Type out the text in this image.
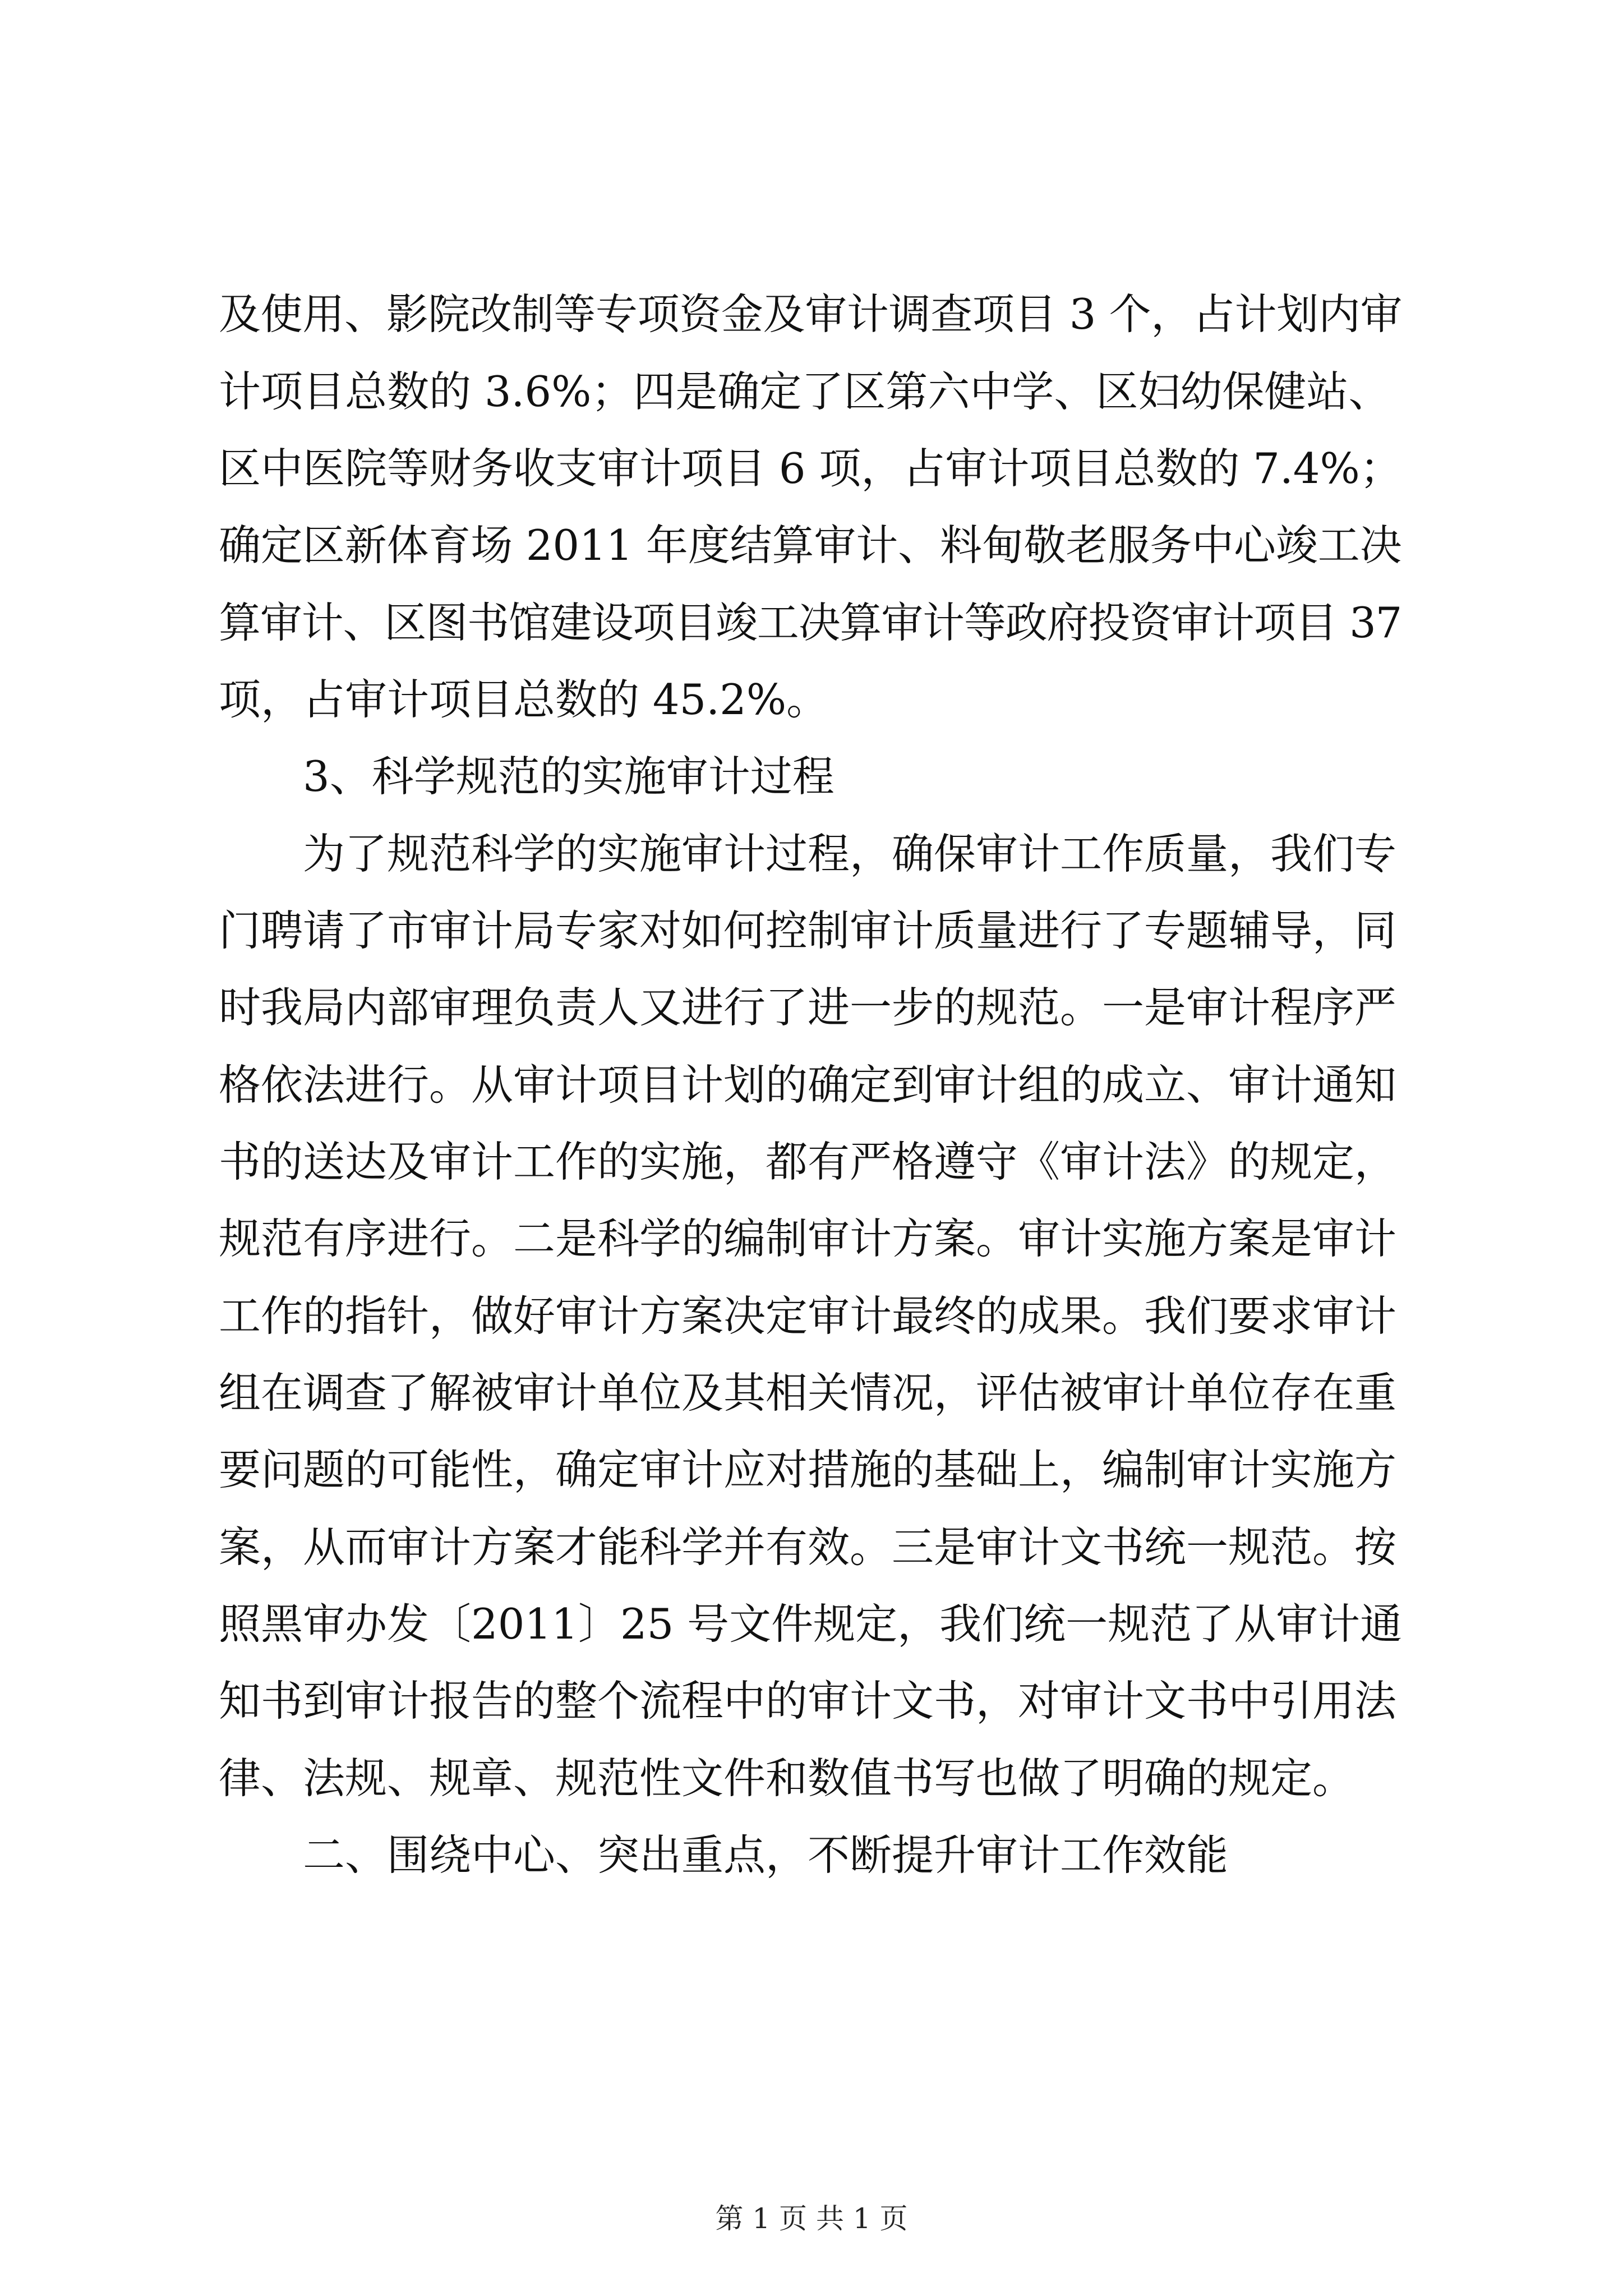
及使用、影院改制等专项资金及审计调查项目 3 个，占计划内审
计项目总数的 3.6%；四是确定了区第六中学、区妇幼保健站、
区中医院等财务收支审计项目 6 项，占审计项目总数的 7.4%；
确定区新体育场 2011 年度结算审计、料甸敬老服务中心竣工决
算审计、区图书馆建设项目竣工决算审计等政府投资审计项目 37
项，占审计项目总数的 45.2%。
3、科学规范的实施审计过程
为了规范科学的实施审计过程，确保审计工作质量，我们专
门聘请了市审计局专家对如何控制审计质量进行了专题辅导，同
时我局内部审理负责人又进行了进一步的规范。一是审计程序严
格依法进行。从审计项目计划的确定到审计组的成立、审计通知
书的送达及审计工作的实施，都有严格遵守《审计法》的规定，
规范有序进行。二是科学的编制审计方案。审计实施方案是审计
工作的指针，做好审计方案决定审计最终的成果。我们要求审计
组在调查了解被审计单位及其相关情况，评估被审计单位存在重
要问题的可能性，确定审计应对措施的基础上，编制审计实施方
案，从而审计方案才能科学并有效。三是审计文书统一规范。按
照黑审办发〔2011〕25 号文件规定，我们统一规范了从审计通
知书到审计报告的整个流程中的审计文书，对审计文书中引用法
律、法规、规章、规范性文件和数值书写也做了明确的规定。
二、围绕中心、突出重点，不断提升审计工作效能
第 1 页 共 1 页
